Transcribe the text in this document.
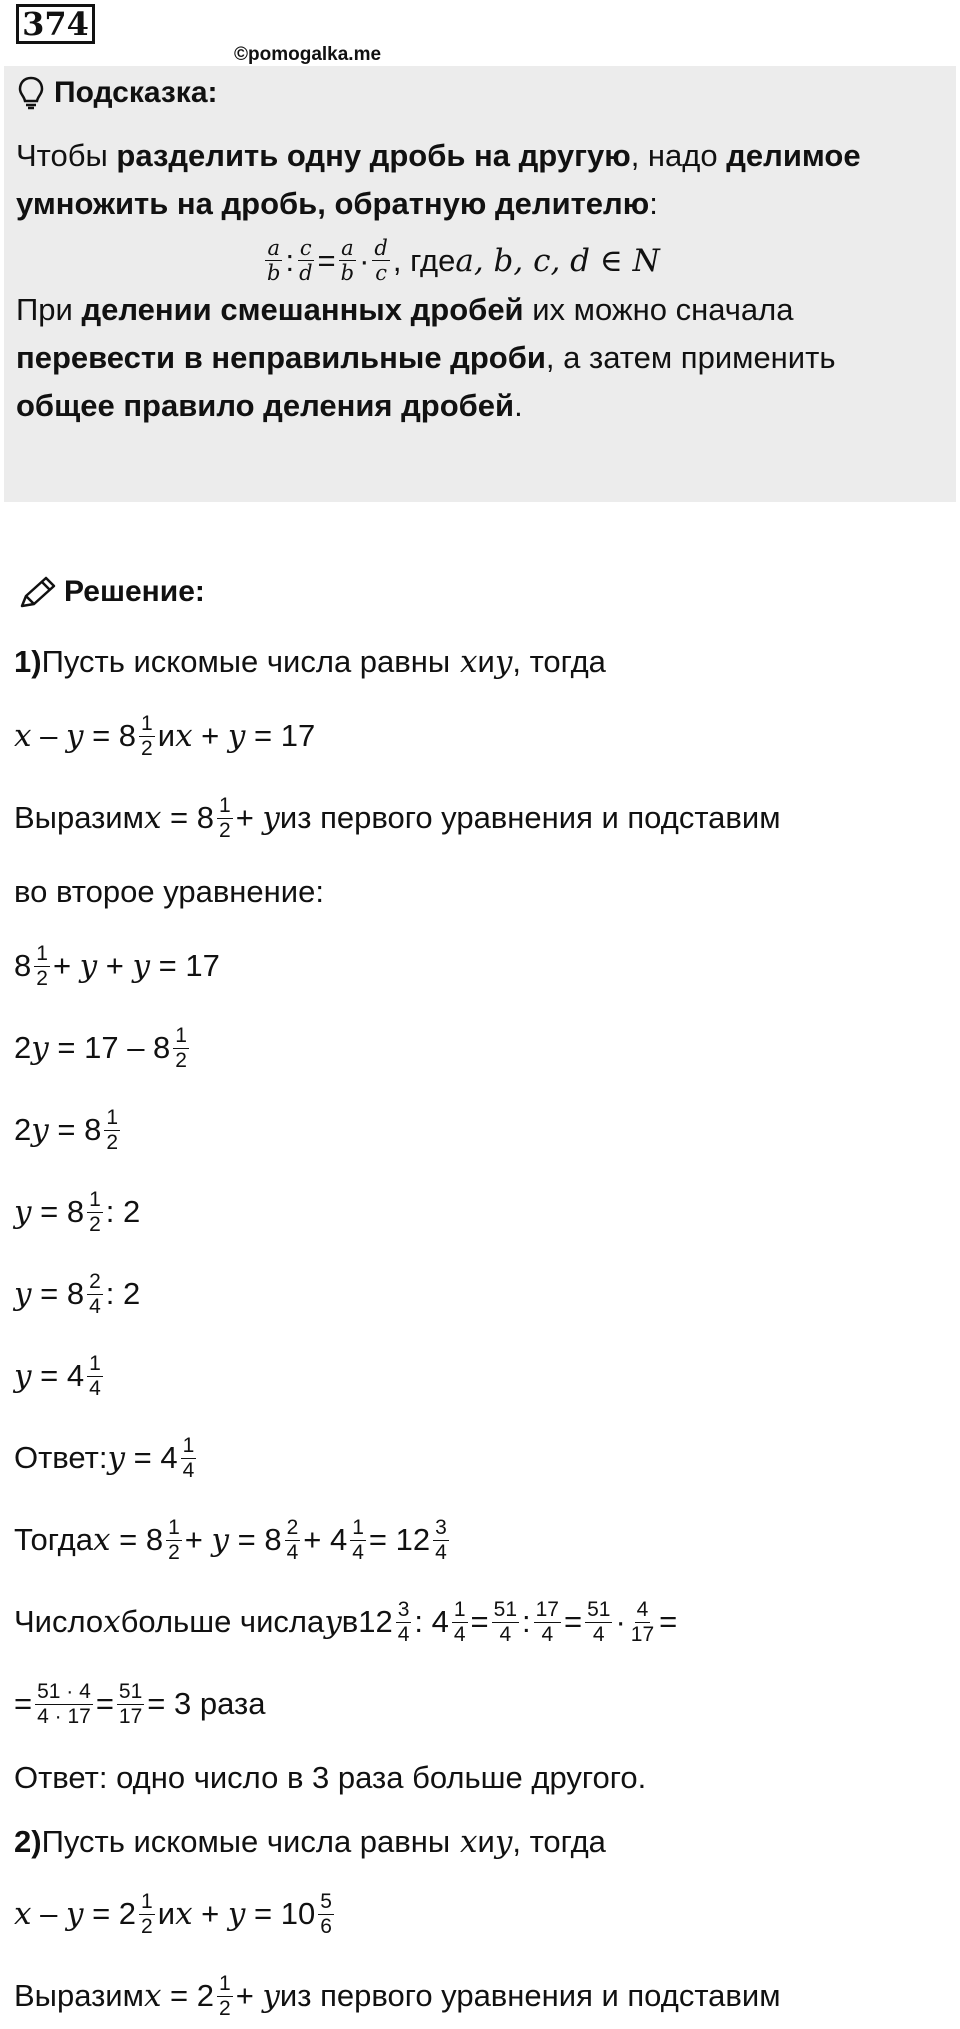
374
©pomogalka.me
Подсказка:
Чтобы разделить одну дробь на другую, надо делимое
умножить на дробь, обратную делителю:
$\frac{a}{b}$ : $\frac{c}{d} = \frac{a}{b} \cdot \frac{d}{c}$ , где a, b, c, d ∈ N
При делении смешанных дробей их можно сначала
перевести в неправильные дроби, а затем применить
общее правило деления дробей.
Решение:
1) Пусть искомые числа равны x и y , тогда
$x - y = 8 \frac{1}{2}$ и x + y = 17
Выразим $x = 8 \frac{1}{2} + y$ из первого уравнения и подставим
во второе уравнение:
$8 \frac{1}{2} + y + y = 17$
2 $y = 17 - 8 \frac{1}{2}$
2 $y = 8 \frac{1}{2}$
$y = 8 \frac{1}{2}$ : 2
$y = 8 \frac{2}{4}$ : 2
$y = 4 \frac{1}{4}$
Ответ: $y = 4 \frac{1}{4}$
Тогда $x = 8 \frac{1}{2} + y = 8 \frac{2}{4} + 4 \frac{1}{4} = 12 \frac{3}{4}$
Число x больше числа y в $12 \frac{3}{4}$ : $4 \frac{1}{4} = \frac{51}{4}$ : $\frac{17}{4} = \frac{51}{4} \cdot \frac{4}{17}$ =
= $\frac{51 \cdot 4}{4 \cdot 17} = \frac{51}{17} = 3$ раза
Ответ: одно число в 3 раза больше другого.
2) Пусть искомые числа равны x и y , тогда
$x - y = 2 \frac{1}{2}$ и $x + y = 10 \frac{5}{6}$
Выразим $x = 2 \frac{1}{2} + y$ из первого уравнения и подставим
